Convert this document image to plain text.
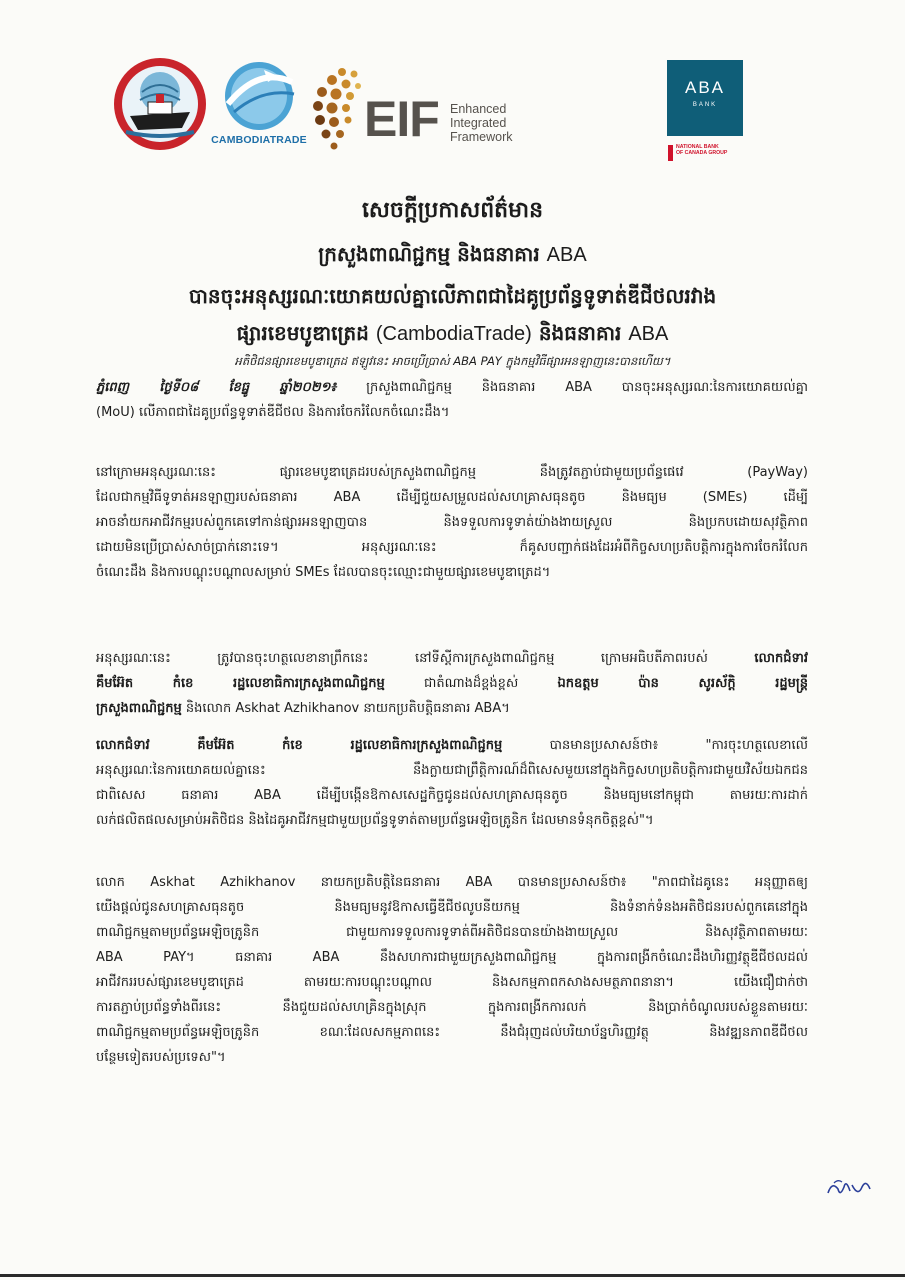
CAMBODIATRADE EIF Enhanced
Integrated
Framework
ABA
BANK
NATIONAL BANK
OF CANADA GROUP
សេចក្ដីប្រកាសព័ត៌មាន
ក្រសួងពាណិជ្ជកម្ម និងធនាគារ ABA
បានចុះអនុស្សរណៈយោគយល់គ្នាលើភាពជាដៃគូប្រព័ន្ធទូទាត់ឌីជីថលរវាង
ផ្សារខេមបូឌាត្រេដ (CambodiaTrade) និងធនាគារ ABA
អតិថិជនផ្សារខេមបូឌាត្រេដ ឥឡូវនេះ អាចប្រើប្រាស់ ABA PAY ក្នុងកម្មវិធីផ្សារអនឡាញនេះបានហើយ។
ភ្នំពេញ ថ្ងៃទី០៨ ខែធ្នូ ឆ្នាំ២០២១៖ ក្រសួងពាណិជ្ជកម្ម និងធនាគារ ABA បានចុះអនុស្សរណៈនៃការយោគយល់គ្នា
(MoU) លើភាពជាដៃគូប្រព័ន្ធទូទាត់ឌីជីថល និងការចែករំលែកចំណេះដឹង។
នៅក្រោមអនុស្សរណៈនេះ ផ្សារខេមបូឌាត្រេដរបស់ក្រសួងពាណិជ្ជកម្ម នឹងត្រូវតភ្ជាប់ជាមួយប្រព័ន្ធផេវេ (PayWay)
ដែលជាកម្មវិធីទូទាត់អនឡាញរបស់ធនាគារ ABA ដើម្បីជួយសម្រួលដល់សហគ្រាសធុនតូច និងមធ្យម (SMEs) ដើម្បី
អាចនាំយកអាជីវកម្មរបស់ពួកគេទៅកាន់ផ្សារអនឡាញបាន និងទទួលការទូទាត់យ៉ាងងាយស្រួល និងប្រកបដោយសុវត្ថិភាព
ដោយមិនប្រើប្រាស់សាច់ប្រាក់នោះទេ។ អនុស្សរណៈនេះ ក៏គូសបញ្ជាក់ផងដែរអំពីកិច្ចសហប្រតិបត្តិការក្នុងការចែករំលែក
ចំណេះដឹង និងការបណ្តុះបណ្តាលសម្រាប់ SMEs ដែលបានចុះឈ្មោះជាមួយផ្សារខេមបូឌាត្រេដ។
អនុស្សរណៈនេះ ត្រូវបានចុះហត្ថលេខានាព្រឹកនេះ នៅទីស្តីការក្រសួងពាណិជ្ជកម្ម ក្រោមអធិបតីភាពរបស់	លោកជំទាវ
គឹមអ៊ែត កំខេ រដ្ឋលេខាធិការក្រសួងពាណិជ្ជកម្ម	ជាតំណាងដ៏ខ្ពង់ខ្ពស់	ឯកឧត្តម ប៉ាន សូរស័ក្តិ រដ្ឋមន្ត្រី
ក្រសួងពាណិជ្ជកម្ម និងលោក Askhat Azhikhanov នាយកប្រតិបត្តិធនាគារ ABA។
លោកជំទាវ គឹមអ៊ែត កំខេ រដ្ឋលេខាធិការក្រសួងពាណិជ្ជកម្ម	បានមានប្រសាសន៍ថា៖ "ការចុះហត្ថលេខាលើ
អនុស្សរណៈនៃការយោគយល់គ្នានេះ នឹងក្លាយជាព្រឹត្តិការណ៍ដ៏ពិសេសមួយនៅក្នុងកិច្ចសហប្រតិបត្តិការជាមួយវិស័យឯកជន
ជាពិសេស ធនាគារ ABA ដើម្បីបង្កើនឱកាសសេដ្ឋកិច្ចជូនដល់សហគ្រាសធុនតូច និងមធ្យមនៅកម្ពុជា តាមរយៈការដាក់
លក់ផលិតផលសម្រាប់អតិថិជន និងដៃគូអាជីវកម្មជាមួយប្រព័ន្ធទូទាត់តាមប្រព័ន្ធអេឡិចត្រូនិក ដែលមានទំនុកចិត្តខ្ពស់"។
លោក Askhat Azhikhanov នាយកប្រតិបត្តិនៃធនាគារ ABA បានមានប្រសាសន៍ថា៖ "ភាពជាដៃគូនេះ អនុញ្ញាតឲ្យ
យើងផ្តល់ជូនសហគ្រាសធុនតូច និងមធ្យមនូវឱកាសធ្វើឌីជីថលូបនីយកម្ម និងទំនាក់ទំនងអតិថិជនរបស់ពួកគេនៅក្នុង
ពាណិជ្ជកម្មតាមប្រព័ន្ធអេឡិចត្រូនិក ជាមួយការទទួលការទូទាត់ពីអតិថិជនបានយ៉ាងងាយស្រួល និងសុវត្ថិភាពតាមរយៈ
ABA PAY។ ធនាគារ ABA នឹងសហការជាមួយក្រសួងពាណិជ្ជកម្ម ក្នុងការពង្រីកចំណេះដឹងហិរញ្ញវត្ថុឌីជីថលដល់
អាជីវកររបស់ផ្សារខេមបូឌាត្រេដ តាមរយៈការបណ្តុះបណ្តាល និងសកម្មភាពកសាងសមត្ថភាពនានា។ យើងជឿជាក់ថា
ការតភ្ជាប់ប្រព័ន្ធទាំងពីរនេះ នឹងជួយដល់សហគ្រិនក្នុងស្រុក ក្នុងការពង្រីកការលក់ និងប្រាក់ចំណូលរបស់ខ្លួនតាមរយៈ
ពាណិជ្ជកម្មតាមប្រព័ន្ធអេឡិចត្រូនិក ខណៈដែលសកម្មភាពនេះ នឹងជំរុញដល់បរិយាប័ន្នហិរញ្ញវត្ថុ និងវឌ្ឍនភាពឌីជីថល
បន្ថែមទៀតរបស់ប្រទេស"។
